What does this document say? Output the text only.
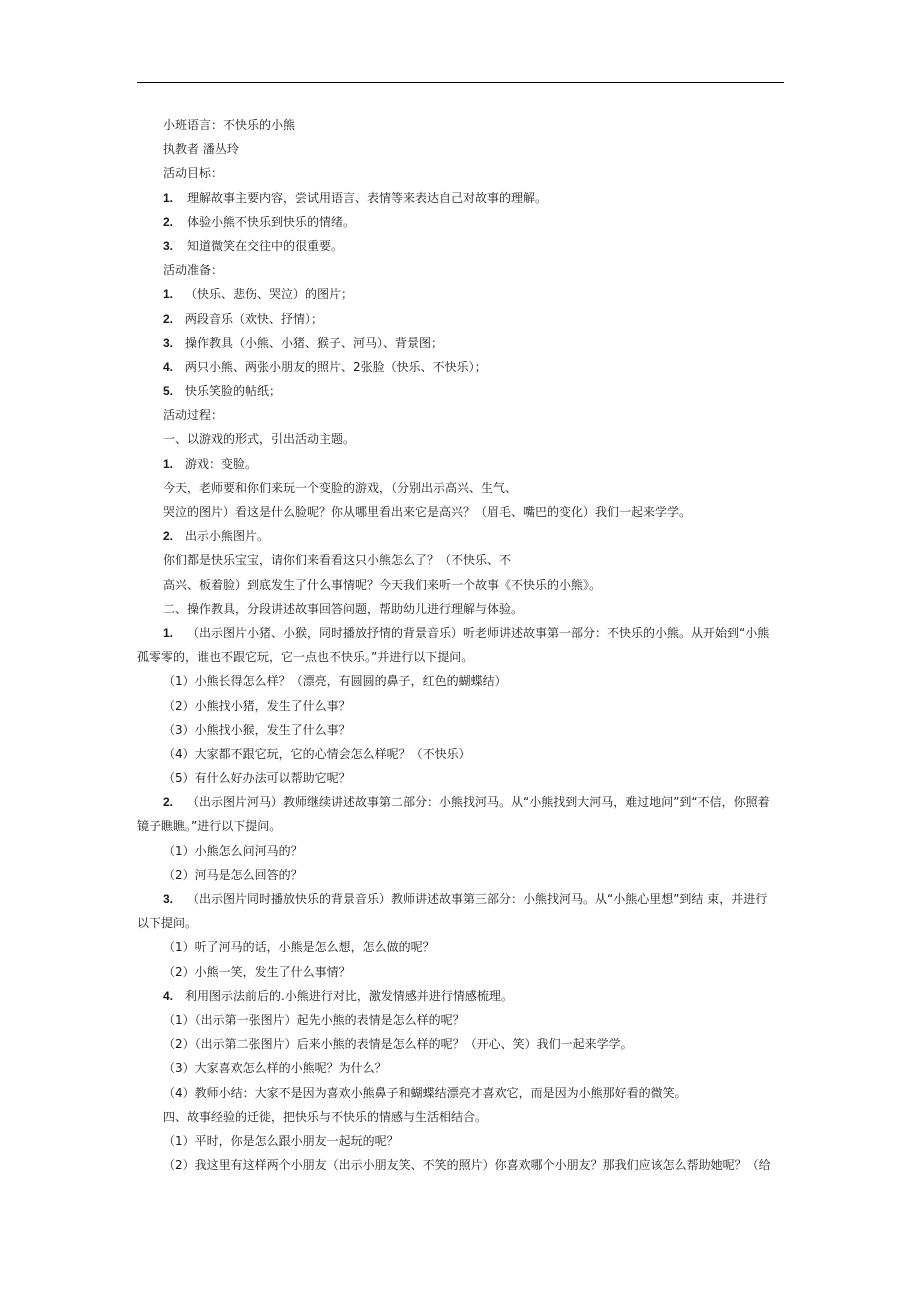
小班语言：不快乐的小熊
执教者 潘丛玲
活动目标：
1. 理解故事主要内容，尝试用语言、表情等来表达自己对故事的理解。
2. 体验小熊不快乐到快乐的情绪。
3. 知道微笑在交往中的很重要。
活动准备：
1. （快乐、悲伤、哭泣）的图片；
2. 两段音乐（欢快、抒情）；
3. 操作教具（小熊、小猪、猴子、河马）、背景图；
4. 两只小熊、两张小朋友的照片、2张脸（快乐、不快乐）；
5. 快乐笑脸的帖纸；
活动过程：
一、以游戏的形式，引出活动主题。
1. 游戏：变脸。
今天，老师要和你们来玩一个变脸的游戏，（分别出示高兴、生气、
哭泣的图片）看这是什么脸呢？你从哪里看出来它是高兴？（眉毛、嘴巴的变化）我们一起来学学。
2. 出示小熊图片。
你们都是快乐宝宝，请你们来看看这只小熊怎么了？（不快乐、不
高兴、板着脸）到底发生了什么事情呢？今天我们来听一个故事《不快乐的小熊》。
二、操作教具，分段讲述故事回答问题，帮助幼儿进行理解与体验。
1. （出示图片小猪、小猴，同时播放抒情的背景音乐）听老师讲述故事第一部分：不快乐的小熊。从开始到“小熊
孤零零的，谁也不跟它玩，它一点也不快乐。”并进行以下提问。
（1）小熊长得怎么样？（漂亮，有圆圆的鼻子，红色的蝴蝶结）
（2）小熊找小猪，发生了什么事？
（3）小熊找小猴，发生了什么事？
（4）大家都不跟它玩，它的心情会怎么样呢？（不快乐）
（5）有什么好办法可以帮助它呢？
2. （出示图片河马）教师继续讲述故事第二部分：小熊找河马。从“小熊找到大河马，难过地问”到“不信，你照着
镜子瞧瞧。”进行以下提问。
（1）小熊怎么问河马的？
（2）河马是怎么回答的？
3. （出示图片同时播放快乐的背景音乐）教师讲述故事第三部分：小熊找河马。从“小熊心里想”到结 束，并进行
以下提问。
（1）听了河马的话，小熊是怎么想，怎么做的呢？
（2）小熊一笑，发生了什么事情？
4. 利用图示法前后的.小熊进行对比，激发情感并进行情感梳理。
（1）（出示第一张图片）起先小熊的表情是怎么样的呢？
（2）（出示第二张图片）后来小熊的表情是怎么样的呢？（开心、笑）我们一起来学学。
（3）大家喜欢怎么样的小熊呢？为什么？
（4）教师小结：大家不是因为喜欢小熊鼻子和蝴蝶结漂亮才喜欢它，而是因为小熊那好看的微笑。
四、故事经验的迁徙，把快乐与不快乐的情感与生活相结合。
（1）平时，你是怎么跟小朋友一起玩的呢？
（2）我这里有这样两个小朋友（出示小朋友笑、不笑的照片）你喜欢哪个小朋友？那我们应该怎么帮助她呢？（给
